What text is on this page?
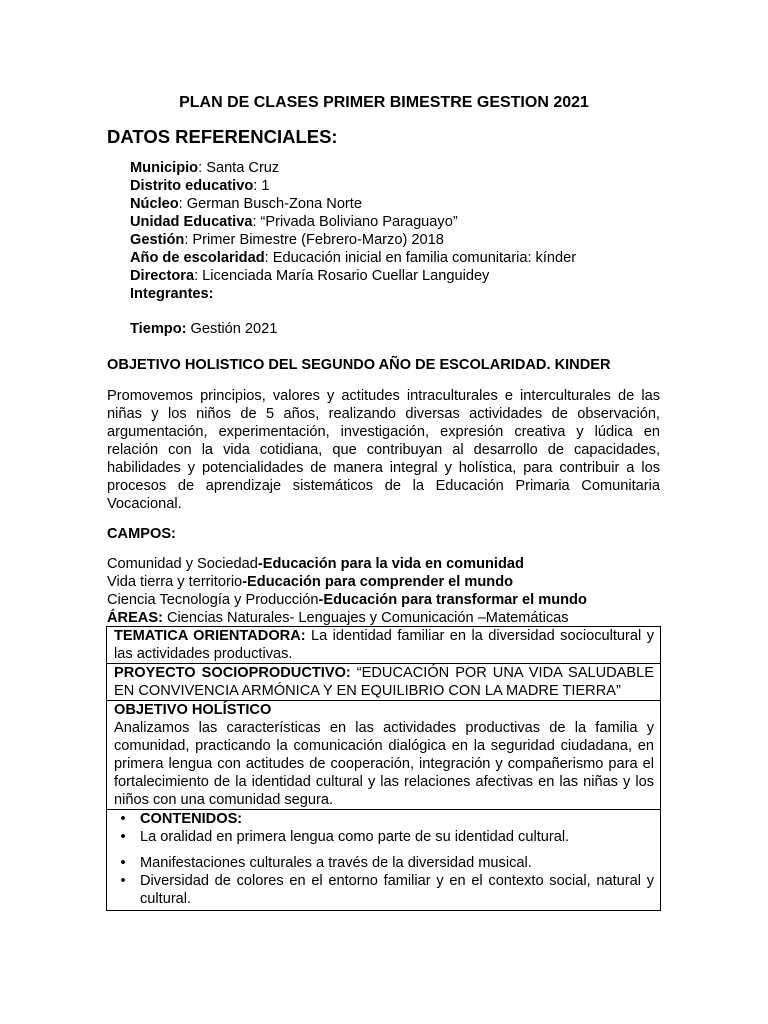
PLAN DE CLASES PRIMER BIMESTRE GESTION 2021
DATOS REFERENCIALES:
Municipio: Santa Cruz
Distrito educativo: 1
Núcleo: German Busch-Zona Norte
Unidad Educativa: “Privada Boliviano Paraguayo”
Gestión: Primer Bimestre (Febrero-Marzo) 2018
Año de escolaridad: Educación inicial en familia comunitaria: kínder
Directora: Licenciada María Rosario Cuellar Languidey
Integrantes:
Tiempo: Gestión 2021
OBJETIVO HOLISTICO DEL SEGUNDO AÑO DE ESCOLARIDAD. KINDER
Promovemos principios, valores y actitudes intraculturales e interculturales de las niñas y los niños de 5 años, realizando diversas actividades de observación, argumentación, experimentación, investigación, expresión creativa y lúdica en relación con la vida cotidiana, que contribuyan al desarrollo de capacidades, habilidades y potencialidades de manera integral y holística, para contribuir a los procesos de aprendizaje sistemáticos de la Educación Primaria Comunitaria Vocacional.
CAMPOS:
Comunidad y Sociedad-Educación para la vida en comunidad
Vida tierra y territorio-Educación para comprender el mundo
Ciencia Tecnología y Producción-Educación para transformar el mundo
ÁREAS: Ciencias Naturales- Lenguajes y Comunicación –Matemáticas
TEMATICA ORIENTADORA: La identidad familiar en la diversidad sociocultural y las actividades productivas.
PROYECTO SOCIOPRODUCTIVO: “EDUCACIÓN POR UNA VIDA SALUDABLE EN CONVIVENCIA ARMÓNICA Y EN EQUILIBRIO CON LA MADRE TIERRA”
OBJETIVO HOLÍSTICO
Analizamos las características en las actividades productivas de la familia y comunidad, practicando la comunicación dialógica en la seguridad ciudadana, en primera lengua con actitudes de cooperación, integración y compañerismo para el fortalecimiento de la identidad cultural y las relaciones afectivas en las niñas y los niños con una comunidad segura.

• CONTENIDOS:
• La oralidad en primera lengua como parte de su identidad cultural.
• Manifestaciones culturales a través de la diversidad musical.
• Diversidad de colores en el entorno familiar y en el contexto social, natural y cultural.
